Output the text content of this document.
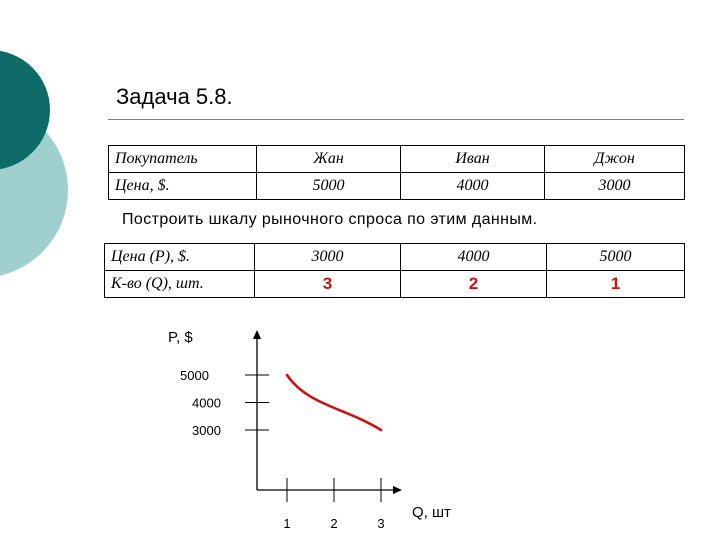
Задача 5.8.
Покупатель	Жан	Иван	Джон
Цена, $.	5000	4000	3000
Построить шкалу рыночного спроса по этим данным.
Цена (Р), $.	3000	4000	5000
К-во (Q), шт.	3	2	1
P, $
Q, шт
5000
4000
3000
1	2	3
